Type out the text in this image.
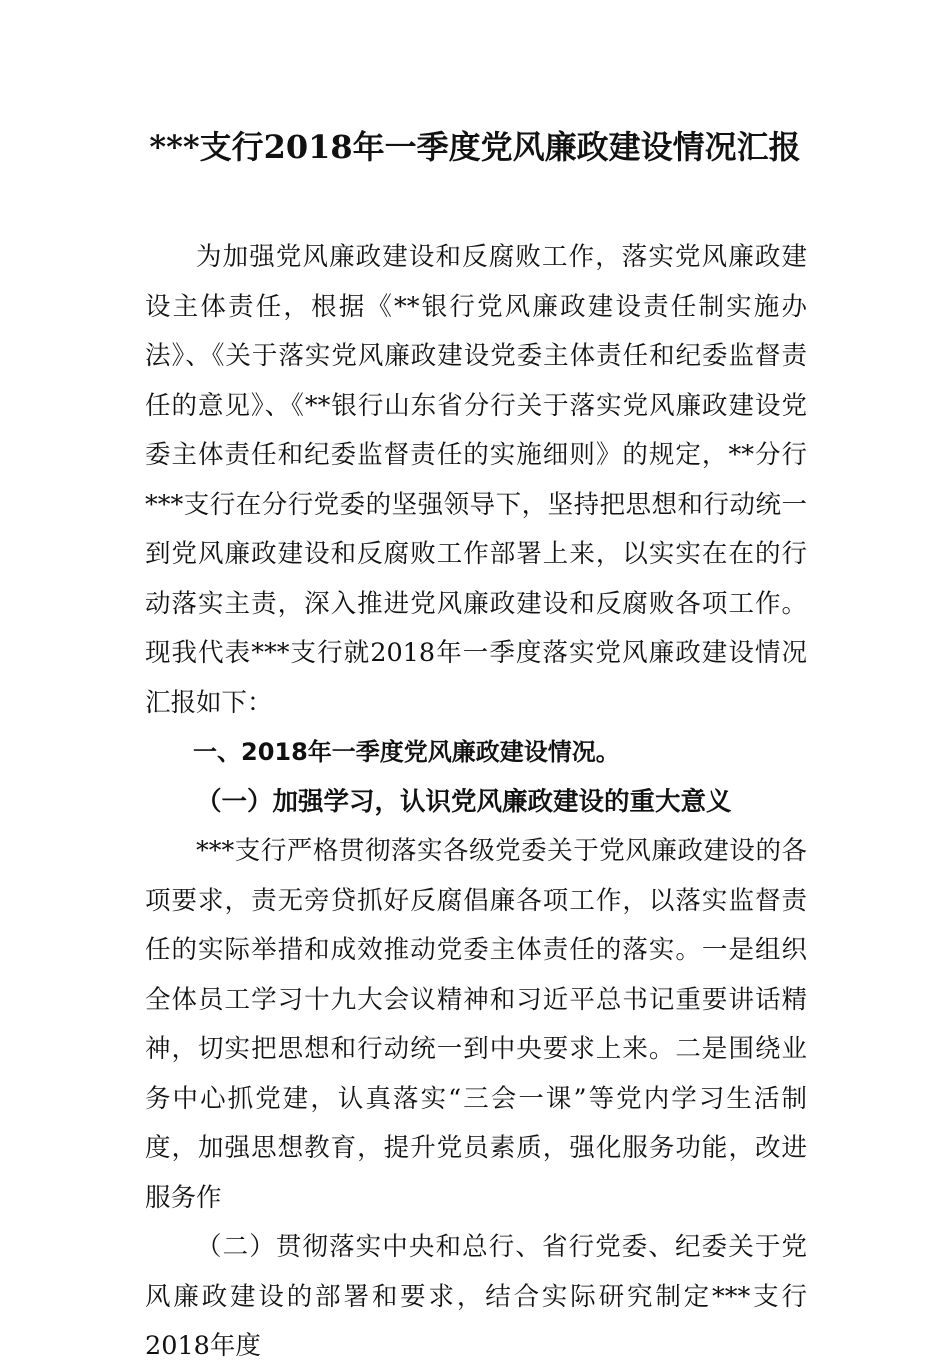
***支行2018年一季度党风廉政建设情况汇报

为加强党风廉政建设和反腐败工作，落实党风廉政建设主体责任，根据《**银行党风廉政建设责任制实施办法》、《关于落实党风廉政建设党委主体责任和纪委监督责任的意见》、《**银行山东省分行关于落实党风廉政建设党委主体责任和纪委监督责任的实施细则》的规定，**分行***支行在分行党委的坚强领导下，坚持把思想和行动统一到党风廉政建设和反腐败工作部署上来，以实实在在的行动落实主责，深入推进党风廉政建设和反腐败各项工作。现我代表***支行就2018年一季度落实党风廉政建设情况汇报如下：

一、2018年一季度党风廉政建设情况。

（一）加强学习，认识党风廉政建设的重大意义

***支行严格贯彻落实各级党委关于党风廉政建设的各项要求，责无旁贷抓好反腐倡廉各项工作，以落实监督责任的实际举措和成效推动党委主体责任的落实。一是组织全体员工学习十九大会议精神和习近平总书记重要讲话精神，切实把思想和行动统一到中央要求上来。二是围绕业务中心抓党建，认真落实“三会一课”等党内学习生活制度，加强思想教育，提升党员素质，强化服务功能，改进服务作

（二）贯彻落实中央和总行、省行党委、纪委关于党风廉政建设的部署和要求，结合实际研究制定***支行2018年度
